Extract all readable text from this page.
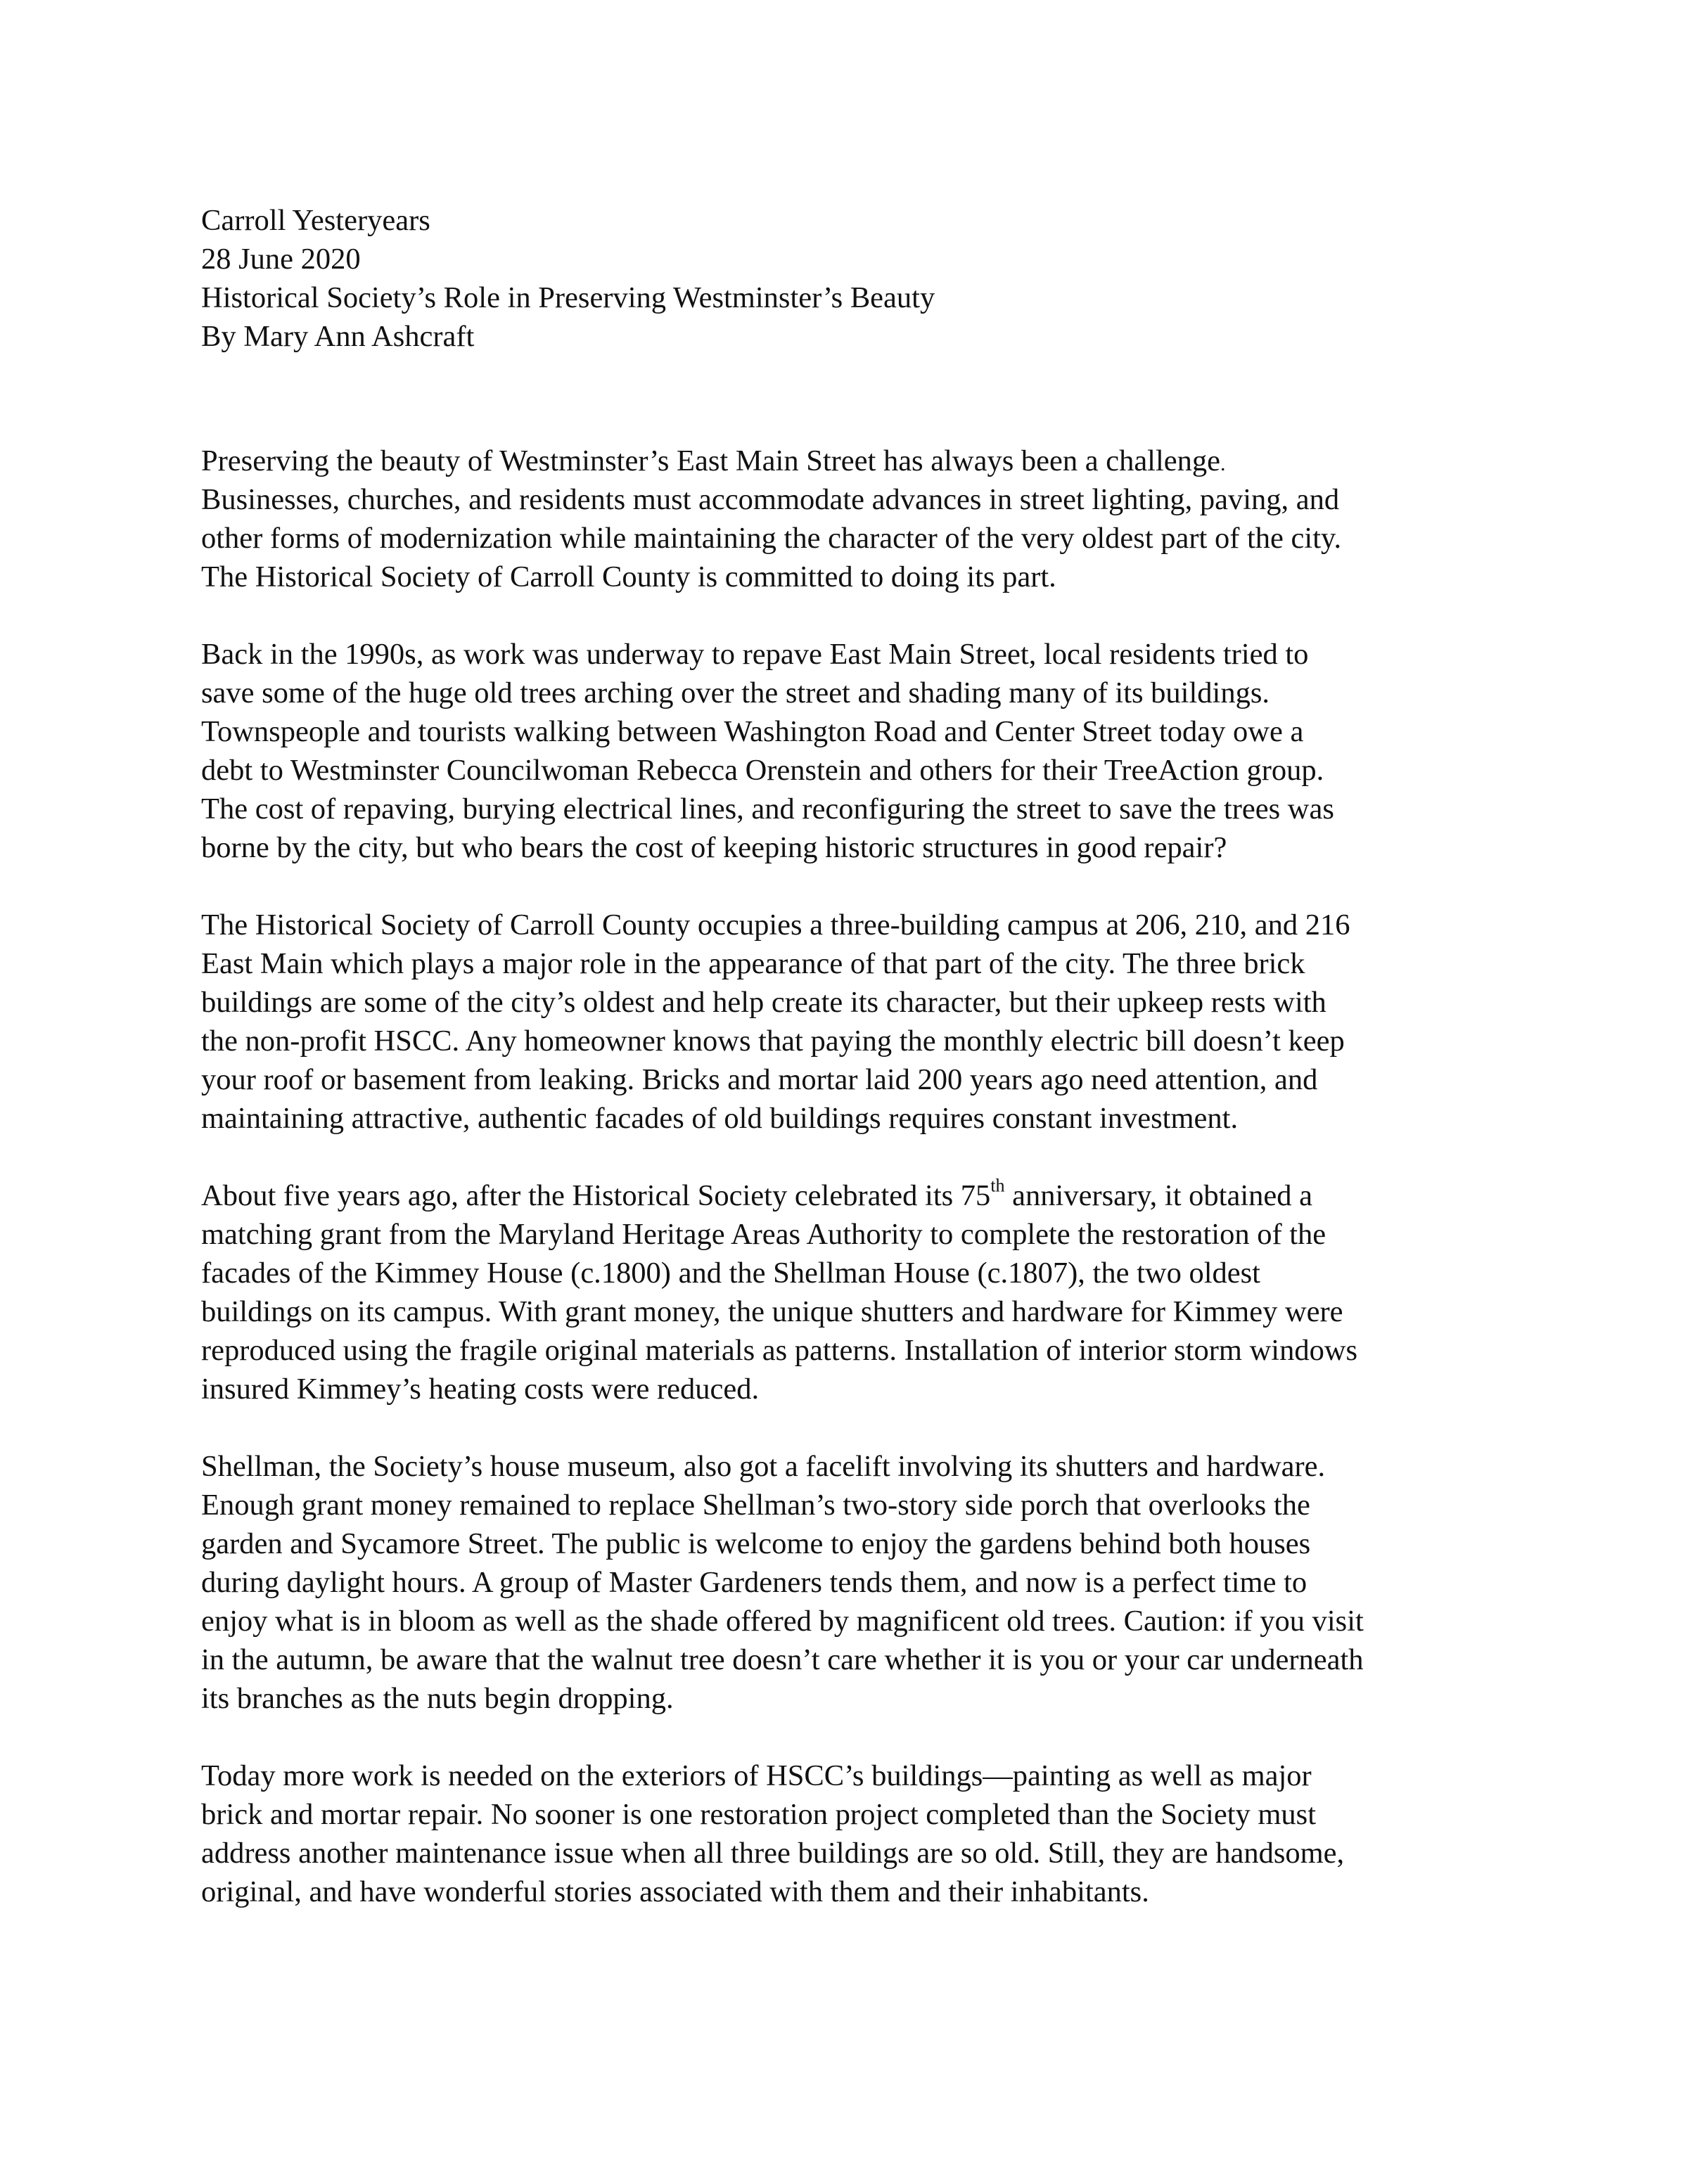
Carroll Yesteryears
28 June 2020
Historical Society’s Role in Preserving Westminster’s Beauty
By Mary Ann Ashcraft
Preserving the beauty of Westminster’s East Main Street has always been a challenge.
Businesses, churches, and residents must accommodate advances in street lighting, paving, and
other forms of modernization while maintaining the character of the very oldest part of the city.
The Historical Society of Carroll County is committed to doing its part.
Back in the 1990s, as work was underway to repave East Main Street, local residents tried to
save some of the huge old trees arching over the street and shading many of its buildings.
Townspeople and tourists walking between Washington Road and Center Street today owe a
debt to Westminster Councilwoman Rebecca Orenstein and others for their TreeAction group.
The cost of repaving, burying electrical lines, and reconfiguring the street to save the trees was
borne by the city, but who bears the cost of keeping historic structures in good repair?
The Historical Society of Carroll County occupies a three-building campus at 206, 210, and 216
East Main which plays a major role in the appearance of that part of the city. The three brick
buildings are some of the city’s oldest and help create its character, but their upkeep rests with
the non-profit HSCC. Any homeowner knows that paying the monthly electric bill doesn’t keep
your roof or basement from leaking. Bricks and mortar laid 200 years ago need attention, and
maintaining attractive, authentic facades of old buildings requires constant investment.
About five years ago, after the Historical Society celebrated its 75th anniversary, it obtained a
matching grant from the Maryland Heritage Areas Authority to complete the restoration of the
facades of the Kimmey House (c.1800) and the Shellman House (c.1807), the two oldest
buildings on its campus. With grant money, the unique shutters and hardware for Kimmey were
reproduced using the fragile original materials as patterns. Installation of interior storm windows
insured Kimmey’s heating costs were reduced.
Shellman, the Society’s house museum, also got a facelift involving its shutters and hardware.
Enough grant money remained to replace Shellman’s two-story side porch that overlooks the
garden and Sycamore Street. The public is welcome to enjoy the gardens behind both houses
during daylight hours. A group of Master Gardeners tends them, and now is a perfect time to
enjoy what is in bloom as well as the shade offered by magnificent old trees. Caution: if you visit
in the autumn, be aware that the walnut tree doesn’t care whether it is you or your car underneath
its branches as the nuts begin dropping.
Today more work is needed on the exteriors of HSCC’s buildings—painting as well as major
brick and mortar repair. No sooner is one restoration project completed than the Society must
address another maintenance issue when all three buildings are so old. Still, they are handsome,
original, and have wonderful stories associated with them and their inhabitants.
